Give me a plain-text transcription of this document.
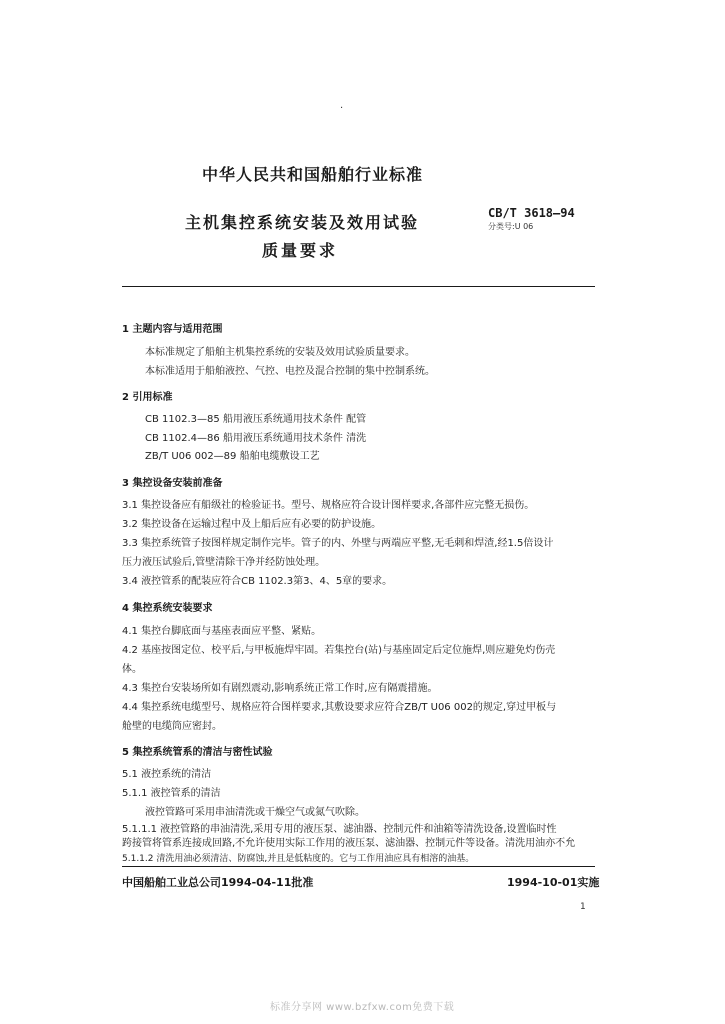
.
中华人民共和国船舶行业标准
主机集控系统安装及效用试验
质量要求
CB/T 3618—94
分类号:U 06
1 主题内容与适用范围
本标准规定了船舶主机集控系统的安装及效用试验质量要求。
本标准适用于船舶液控、气控、电控及混合控制的集中控制系统。
2 引用标准
CB 1102.3—85 船用液压系统通用技术条件 配管
CB 1102.4—86 船用液压系统通用技术条件 清洗
ZB/T U06 002—89 船舶电缆敷设工艺
3 集控设备安装前准备
3.1 集控设备应有船级社的检验证书。型号、规格应符合设计图样要求,各部件应完整无损伤。
3.2 集控设备在运输过程中及上船后应有必要的防护设施。
3.3 集控系统管子按图样规定制作完毕。管子的内、外壁与两端应平整,无毛刺和焊渣,经1.5倍设计
压力液压试验后,管壁清除干净并经防蚀处理。
3.4 液控管系的配装应符合CB 1102.3第3、4、5章的要求。
4 集控系统安装要求
4.1 集控台脚底面与基座表面应平整、紧贴。
4.2 基座按图定位、校平后,与甲板施焊牢固。若集控台(站)与基座固定后定位施焊,则应避免灼伤壳
体。
4.3 集控台安装场所如有剧烈震动,影响系统正常工作时,应有隔震措施。
4.4 集控系统电缆型号、规格应符合图样要求,其敷设要求应符合ZB/T U06 002的规定,穿过甲板与
舱壁的电缆筒应密封。
5 集控系统管系的清洁与密性试验
5.1 液控系统的清洁
5.1.1 液控管系的清洁
液控管路可采用串油清洗或干燥空气或氮气吹除。
5.1.1.1 液控管路的串油清洗,采用专用的液压泵、滤油器、控制元件和油箱等清洗设备,设置临时性
跨接管将管系连接成回路,不允许使用实际工作用的液压泵、滤油器、控制元件等设备。清洗用油亦不允
中国船舶工业总公司1994-04-11批准	1994-10-01实施
1
标准分享网 www.bzfxw.com免费下载
5.1.1.2 清洗用油必须清洁、防腐蚀,并且是低粘度的。它与工作用油应具有相溶的油基。
